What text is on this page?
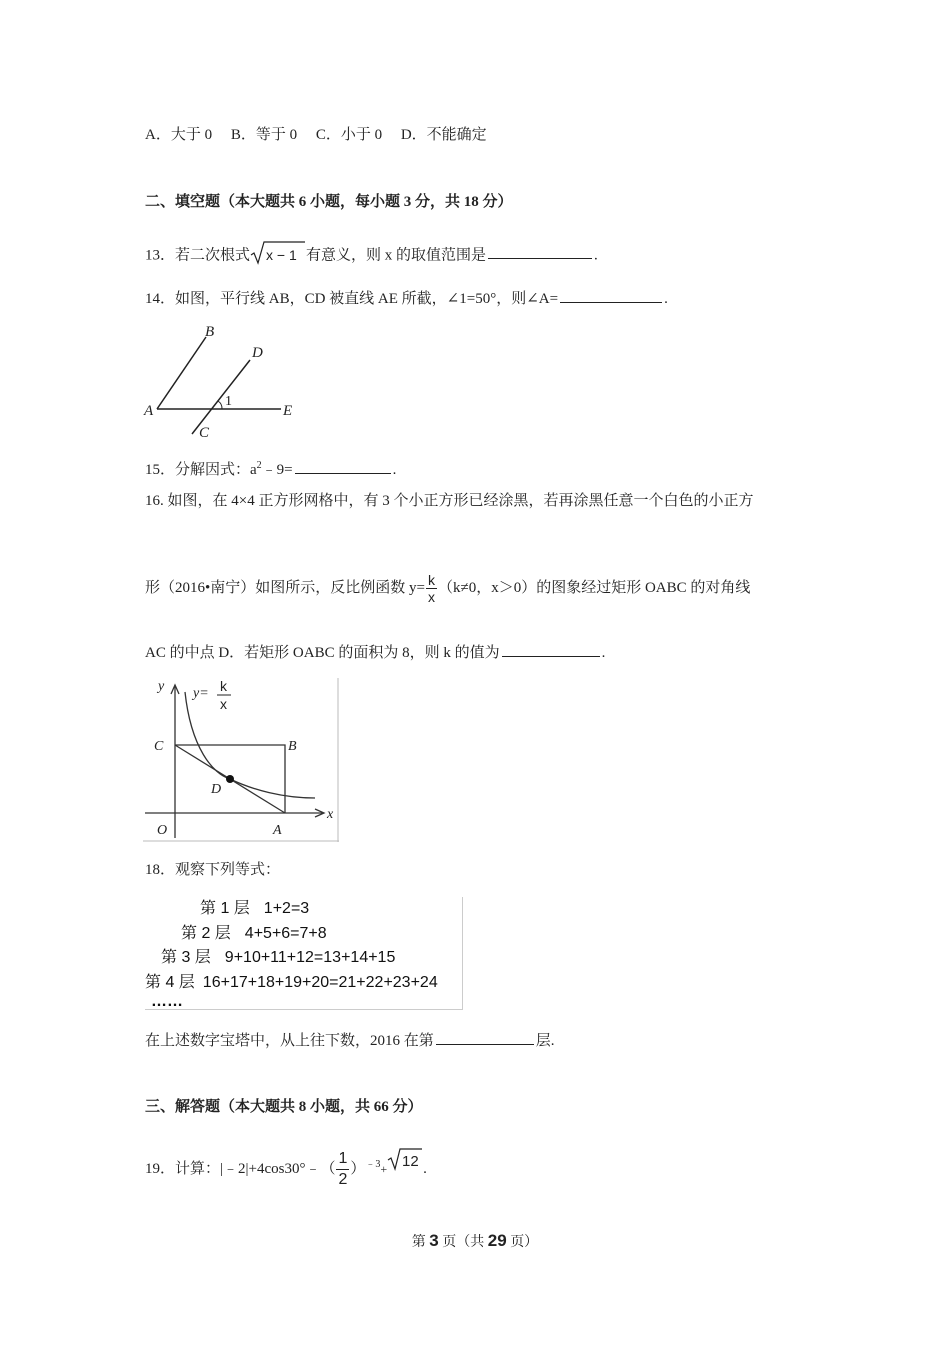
A．大于 0　 B．等于 0　 C．小于 0　 D．不能确定
二、填空题（本大题共 6 小题，每小题 3 分，共 18 分）
13．若二次根式 x − 1 有意义，则 x 的取值范围是	.
14．如图，平行线 AB，CD 被直线 AE 所截，∠1=50°，则∠A=	.
A
B
C
D
E
1
15．分解因式：$a^2﹣9=$	.
16. 如图，在 4×4 正方形网格中，有 3 个小正方形已经涂黑，若再涂黑任意一个白色的小正方
形（2016•南宁）如图所示，反比例函数 $y= \frac{k}{x} (k\ne 0$，x＞0）的图象经过矩形 OABC 的对角线
AC 的中点 D．若矩形 OABC 的面积为 8，则 k 的值为	.
y
x
O	A
B
C
D
y= k
x
18．观察下列等式：
第 1 层 1+2=3
第 2 层 4+5+6=7+8
第 3 层 9+10+11+12=13+14+15
第 4 层 16+17+18+19+20=21+22+23+24
……
在上述数字宝塔中，从上往下数，2016 在第	层.
三、解答题（本大题共 8 小题，共 66 分）
19．计算：|﹣2|+4cos30°﹣（ $\frac{1}{2} )^{﹣3}+ 12$ .
第 3 页（共 29 页）
